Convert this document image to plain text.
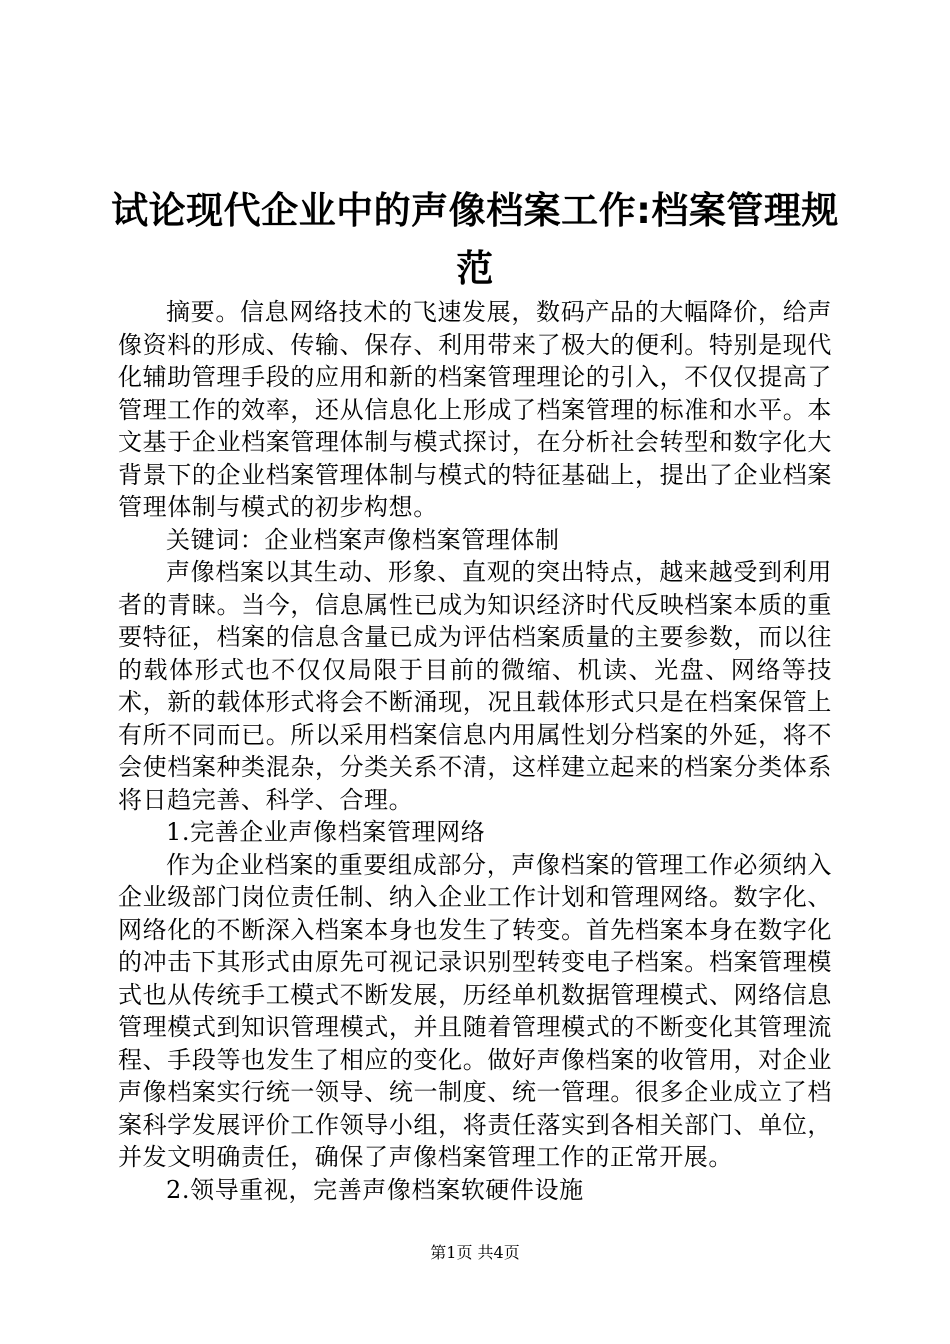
试论现代企业中的声像档案工作:档案管理规范

摘要。信息网络技术的飞速发展，数码产品的大幅降价，给声像资料的形成、传输、保存、利用带来了极大的便利。特别是现代化辅助管理手段的应用和新的档案管理理论的引入，不仅仅提高了管理工作的效率，还从信息化上形成了档案管理的标准和水平。本文基于企业档案管理体制与模式探讨，在分析社会转型和数字化大背景下的企业档案管理体制与模式的特征基础上，提出了企业档案管理体制与模式的初步构想。

关键词：企业档案声像档案管理体制

声像档案以其生动、形象、直观的突出特点，越来越受到利用者的青睐。当今，信息属性已成为知识经济时代反映档案本质的重要特征，档案的信息含量已成为评估档案质量的主要参数，而以往的载体形式也不仅仅局限于目前的微缩、机读、光盘、网络等技术，新的载体形式将会不断涌现，况且载体形式只是在档案保管上有所不同而已。所以采用档案信息内用属性划分档案的外延，将不会使档案种类混杂，分类关系不清，这样建立起来的档案分类体系将日趋完善、科学、合理。

1.完善企业声像档案管理网络

作为企业档案的重要组成部分，声像档案的管理工作必须纳入企业级部门岗位责任制、纳入企业工作计划和管理网络。数字化、网络化的不断深入档案本身也发生了转变。首先档案本身在数字化的冲击下其形式由原先可视记录识别型转变电子档案。档案管理模式也从传统手工模式不断发展，历经单机数据管理模式、网络信息管理模式到知识管理模式，并且随着管理模式的不断变化其管理流程、手段等也发生了相应的变化。做好声像档案的收管用，对企业声像档案实行统一领导、统一制度、统一管理。很多企业成立了档案科学发展评价工作领导小组，将责任落实到各相关部门、单位，并发文明确责任，确保了声像档案管理工作的正常开展。

2.领导重视，完善声像档案软硬件设施

第1页 共4页
